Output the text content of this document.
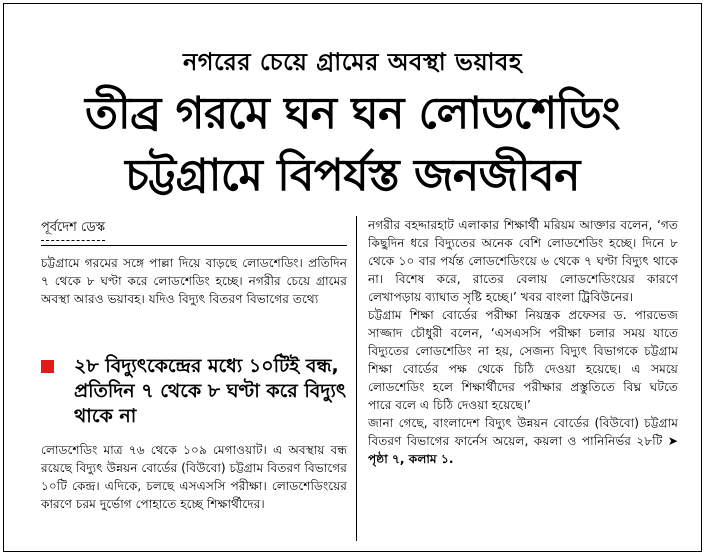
নগরের চেয়ে গ্রামের অবস্থা ভয়াবহ
তীব্র গরমে ঘন ঘন লোডশেডিং
চট্টগ্রামে বিপর্যস্ত জনজীবন

পূর্বদেশ ডেস্ক

চট্টগ্রামে গরমের সঙ্গে পাল্লা দিয়ে বাড়ছে লোডশেডিং। প্রতিদিন ৭ থেকে ৮ ঘণ্টা করে লোডশেডিং হচ্ছে। নগরীর চেয়ে গ্রামের অবস্থা আরও ভয়াবহ। যদিও বিদ্যুৎ বিতরণ বিভাগের তথ্যে

২৮ বিদ্যুৎকেন্দ্রের মধ্যে ১০টিই বন্ধ, প্রতিদিন ৭ থেকে ৮ ঘণ্টা করে বিদ্যুৎ থাকে না

লোডশেডিং মাত্র ৭৬ থেকে ১০৯ মেগাওয়াট। এ অবস্থায় বন্ধ রয়েছে বিদ্যুৎ উন্নয়ন বোর্ডের (বিউবো) চট্টগ্রাম বিতরণ বিভাগের ১০টি কেন্দ্র। এদিকে, চলছে এসএসসি পরীক্ষা। লোডশেডিংয়ের কারণে চরম দুর্ভোগ পোহাতে হচ্ছে শিক্ষার্থীদের।

নগরীর বহদ্দারহাট এলাকার শিক্ষার্থী মরিয়ম আক্তার বলেন, ‘গত কিছুদিন ধরে বিদ্যুতের অনেক বেশি লোডশেডিং হচ্ছে। দিনে ৮ থেকে ১০ বার পর্যন্ত লোডশেডিংয়ে ৬ থেকে ৭ ঘণ্টা বিদ্যুৎ থাকে না। বিশেষ করে, রাতের বেলায় লোডশেডিংয়ের কারণে লেখাপড়ায় ব্যাঘাত সৃষ্টি হচ্ছে।’ খবর বাংলা ট্রিবিউনের।

চট্টগ্রাম শিক্ষা বোর্ডের পরীক্ষা নিয়ন্ত্রক প্রফেসর ড. পারভেজ সাজ্জাদ চৌধুরী বলেন, ‘এসএসসি পরীক্ষা চলার সময় যাতে বিদ্যুতের লোডশেডিং না হয়, সেজন্য বিদ্যুৎ বিভাগকে চট্টগ্রাম শিক্ষা বোর্ডের পক্ষ থেকে চিঠি দেওয়া হয়েছে। এ সময়ে লোডশেডিং হলে শিক্ষার্থীদের পরীক্ষার প্রস্তুতিতে বিঘ্ন ঘটতে পারে বলে এ চিঠি দেওয়া হয়েছে।’

জানা গেছে, বাংলাদেশ বিদ্যুৎ উন্নয়ন বোর্ডের (বিউবো) চট্টগ্রাম বিতরণ বিভাগের ফার্নেস অয়েল, কয়লা ও পানিনির্ভর ২৮টি ➤ পৃষ্ঠা ৭, কলাম ১.
